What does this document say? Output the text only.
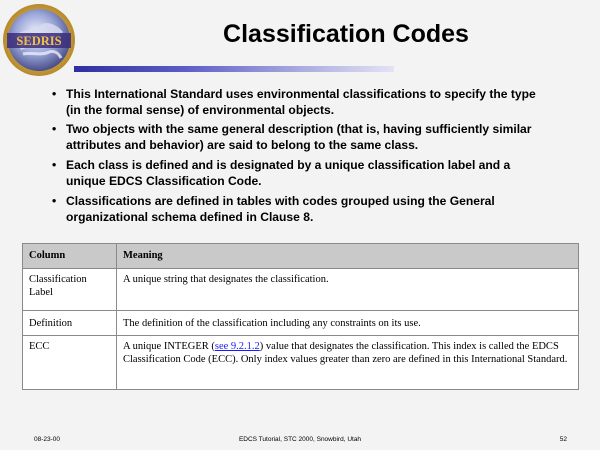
SEDRIS	Classification Codes
• This International Standard uses environmental classifications to specify the type (in the formal sense) of environmental objects.
• Two objects with the same general description (that is, having sufficiently similar attributes and behavior) are said to belong to the same class.
• Each class is defined and is designated by a unique classification label and a unique EDCS Classification Code.
• Classifications are defined in tables with codes grouped using the General organizational schema defined in Clause 8.
Column	Meaning
Classification Label	A unique string that designates the classification.
Definition	The definition of the classification including any constraints on its use.
ECC	A unique INTEGER (see 9.2.1.2) value that designates the classification. This index is called the EDCS Classification Code (ECC). Only index values greater than zero are defined in this International Standard.
08-23-00	EDCS Tutorial, STC 2000, Snowbird, Utah	52
